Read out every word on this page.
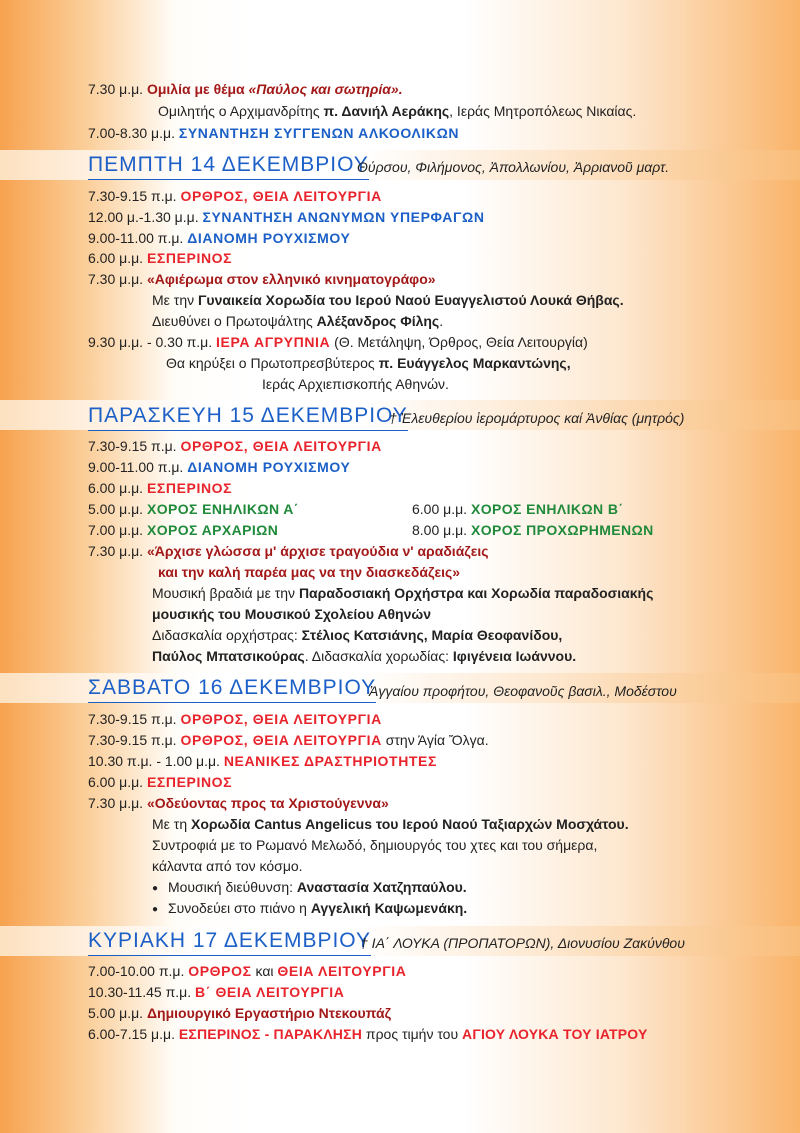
7.30 μ.μ. Ομιλία με θέμα «Παύλος και σωτηρία».
Ομιλητής ο Αρχιμανδρίτης π. Δανιήλ Αεράκης, Ιεράς Μητροπόλεως Νικαίας.
7.00-8.30 μ.μ. ΣΥΝΑΝΤΗΣΗ ΣΥΓΓΕΝΩΝ ΑΛΚΟΟΛΙΚΩΝ
ΠΕΜΠΤΗ 14 ΔΕΚΕΜΒΡΙΟΥ
Θύρσου, Φιλήμονος, Ἀπολλωνίου, Ἀρριανοῦ μαρτ.
7.30-9.15 π.μ. ΟΡΘΡΟΣ, ΘΕΙΑ ΛΕΙΤΟΥΡΓΙΑ
12.00 μ.-1.30 μ.μ. ΣΥΝΑΝΤΗΣΗ ΑΝΩΝΥΜΩΝ ΥΠΕΡΦΑΓΩΝ
9.00-11.00 π.μ. ΔΙΑΝΟΜΗ ΡΟΥΧΙΣΜΟΥ
6.00 μ.μ. ΕΣΠΕΡΙΝΟΣ
7.30 μ.μ. «Αφιέρωμα στον ελληνικό κινηματογράφο»
Με την Γυναικεία Χορωδία του Ιερού Ναού Ευαγγελιστού Λουκά Θήβας.
Διευθύνει ο Πρωτοψάλτης Αλέξανδρος Φίλης.
9.30 μ.μ. - 0.30 π.μ. ΙΕΡΑ ΑΓΡΥΠΝΙΑ (Θ. Μετάληψη, Όρθρος, Θεία Λειτουργία)
Θα κηρύξει ο Πρωτοπρεσβύτερος π. Ευάγγελος Μαρκαντώνης,
Ιεράς Αρχιεπισκοπής Αθηνών.
ΠΑΡΑΣΚΕΥΗ 15 ΔΕΚΕΜΒΡΙΟΥ
† Ἐλευθερίου ἱερομάρτυρος καί Ἀνθίας (μητρός)
7.30-9.15 π.μ. ΟΡΘΡΟΣ, ΘΕΙΑ ΛΕΙΤΟΥΡΓΙΑ
9.00-11.00 π.μ. ΔΙΑΝΟΜΗ ΡΟΥΧΙΣΜΟΥ
6.00 μ.μ. ΕΣΠΕΡΙΝΟΣ
5.00 μ.μ. ΧΟΡΟΣ ΕΝΗΛΙΚΩΝ Α΄	6.00 μ.μ. ΧΟΡΟΣ ΕΝΗΛΙΚΩΝ Β΄
7.00 μ.μ. ΧΟΡΟΣ ΑΡΧΑΡΙΩΝ	8.00 μ.μ. ΧΟΡΟΣ ΠΡΟΧΩΡΗΜΕΝΩΝ
7.30 μ.μ. «Άρχισε γλώσσα μ' άρχισε τραγούδια ν' αραδιάζεις
και την καλή παρέα μας να την διασκεδάζεις»
Μουσική βραδιά με την Παραδοσιακή Ορχήστρα και Χορωδία παραδοσιακής
μουσικής του Μουσικού Σχολείου Αθηνών
Διδασκαλία ορχήστρας: Στέλιος Κατσιάνης, Μαρία Θεοφανίδου,
Παύλος Μπατσικούρας. Διδασκαλία χορωδίας: Ιφιγένεια Ιωάννου.
ΣΑΒΒΑΤΟ 16 ΔΕΚΕΜΒΡΙΟΥ
Ἀγγαίου προφήτου, Θεοφανοῦς βασιλ., Μοδέστου
7.30-9.15 π.μ. ΟΡΘΡΟΣ, ΘΕΙΑ ΛΕΙΤΟΥΡΓΙΑ
7.30-9.15 π.μ. ΟΡΘΡΟΣ, ΘΕΙΑ ΛΕΙΤΟΥΡΓΙΑ στην Άγία Ὄλγα.
10.30 π.μ. - 1.00 μ.μ. ΝΕΑΝΙΚΕΣ ΔΡΑΣΤΗΡΙΟΤΗΤΕΣ
6.00 μ.μ. ΕΣΠΕΡΙΝΟΣ
7.30 μ.μ. «Οδεύοντας προς τα Χριστούγεννα»
Με τη Χορωδία Cantus Angelicus του Ιερού Ναού Ταξιαρχών Μοσχάτου.
Συντροφιά με το Ρωμανό Μελωδό, δημιουργός του χτες και του σήμερα,
κάλαντα από τον κόσμο.
● Μουσική διεύθυνση: Αναστασία Χατζηπαύλου.
● Συνοδεύει στο πιάνο η Αγγελική Καψωμενάκη.
ΚΥΡΙΑΚΗ 17 ΔΕΚΕΜΒΡΙΟΥ
† ΙΑ΄ ΛΟΥΚΑ (ΠΡΟΠΑΤΟΡΩΝ), Διονυσίου Ζακύνθου
7.00-10.00 π.μ. ΟΡΘΡΟΣ και ΘΕΙΑ ΛΕΙΤΟΥΡΓΙΑ
10.30-11.45 π.μ. Β΄ ΘΕΙΑ ΛΕΙΤΟΥΡΓΙΑ
5.00 μ.μ. Δημιουργικό Εργαστήριο Ντεκουπάζ
6.00-7.15 μ.μ. ΕΣΠΕΡΙΝΟΣ - ΠΑΡΑΚΛΗΣΗ προς τιμήν του ΑΓΙΟΥ ΛΟΥΚΑ ΤΟΥ ΙΑΤΡΟΥ
